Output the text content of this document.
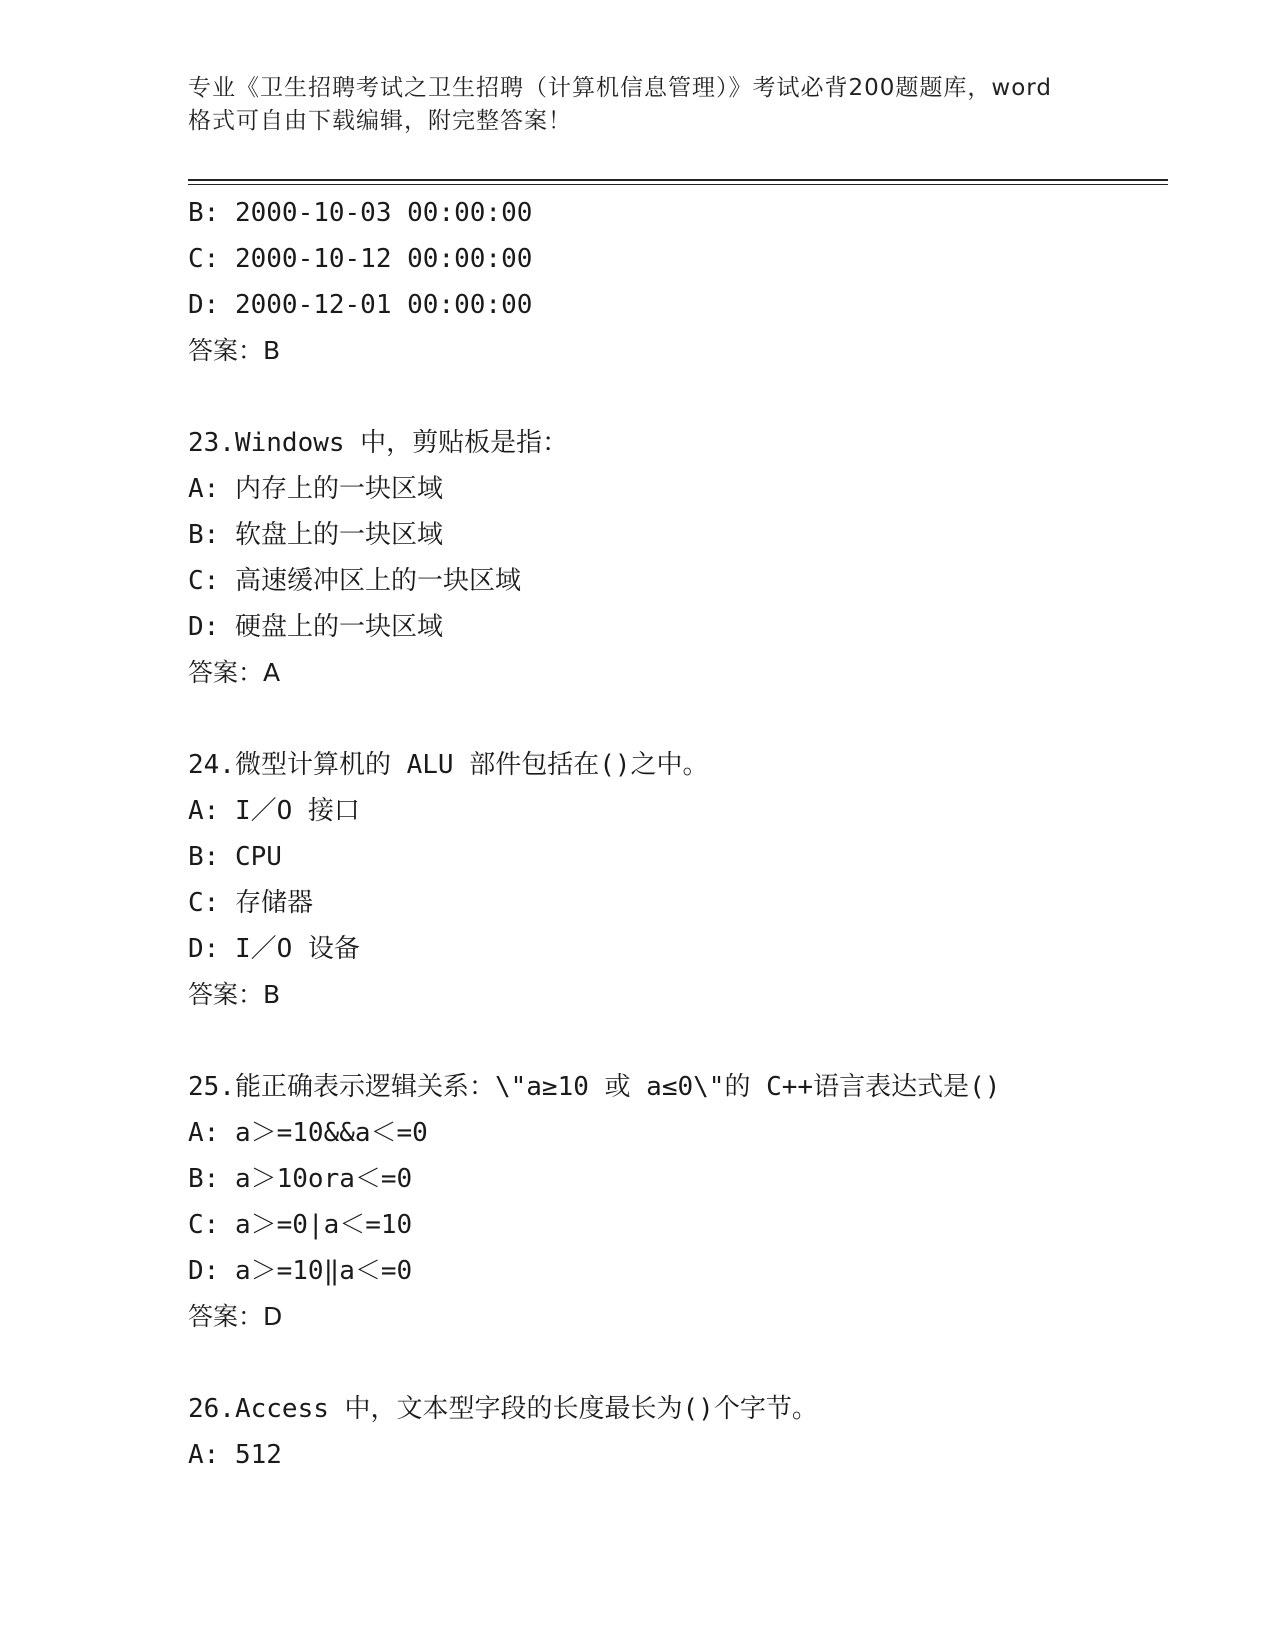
专业《卫生招聘考试之卫生招聘（计算机信息管理）》考试必背200题题库，word
格式可自由下载编辑，附完整答案！
B: 2000-10-03 00:00:00
C: 2000-10-12 00:00:00
D: 2000-12-01 00:00:00
答案：B
23.Windows 中，剪贴板是指：
A: 内存上的一块区域
B: 软盘上的一块区域
C: 高速缓冲区上的一块区域
D: 硬盘上的一块区域
答案：A
24.微型计算机的 ALU 部件包括在()之中。
A: I／O 接口
B: CPU
C: 存储器
D: I／O 设备
答案：B
25.能正确表示逻辑关系：\"a≥10 或 a≤0\"的 C++语言表达式是()
A: a＞=10&&a＜=0
B: a＞10ora＜=0
C: a＞=0|a＜=10
D: a＞=10‖a＜=0
答案：D
26.Access 中，文本型字段的长度最长为()个字节。
A: 512
